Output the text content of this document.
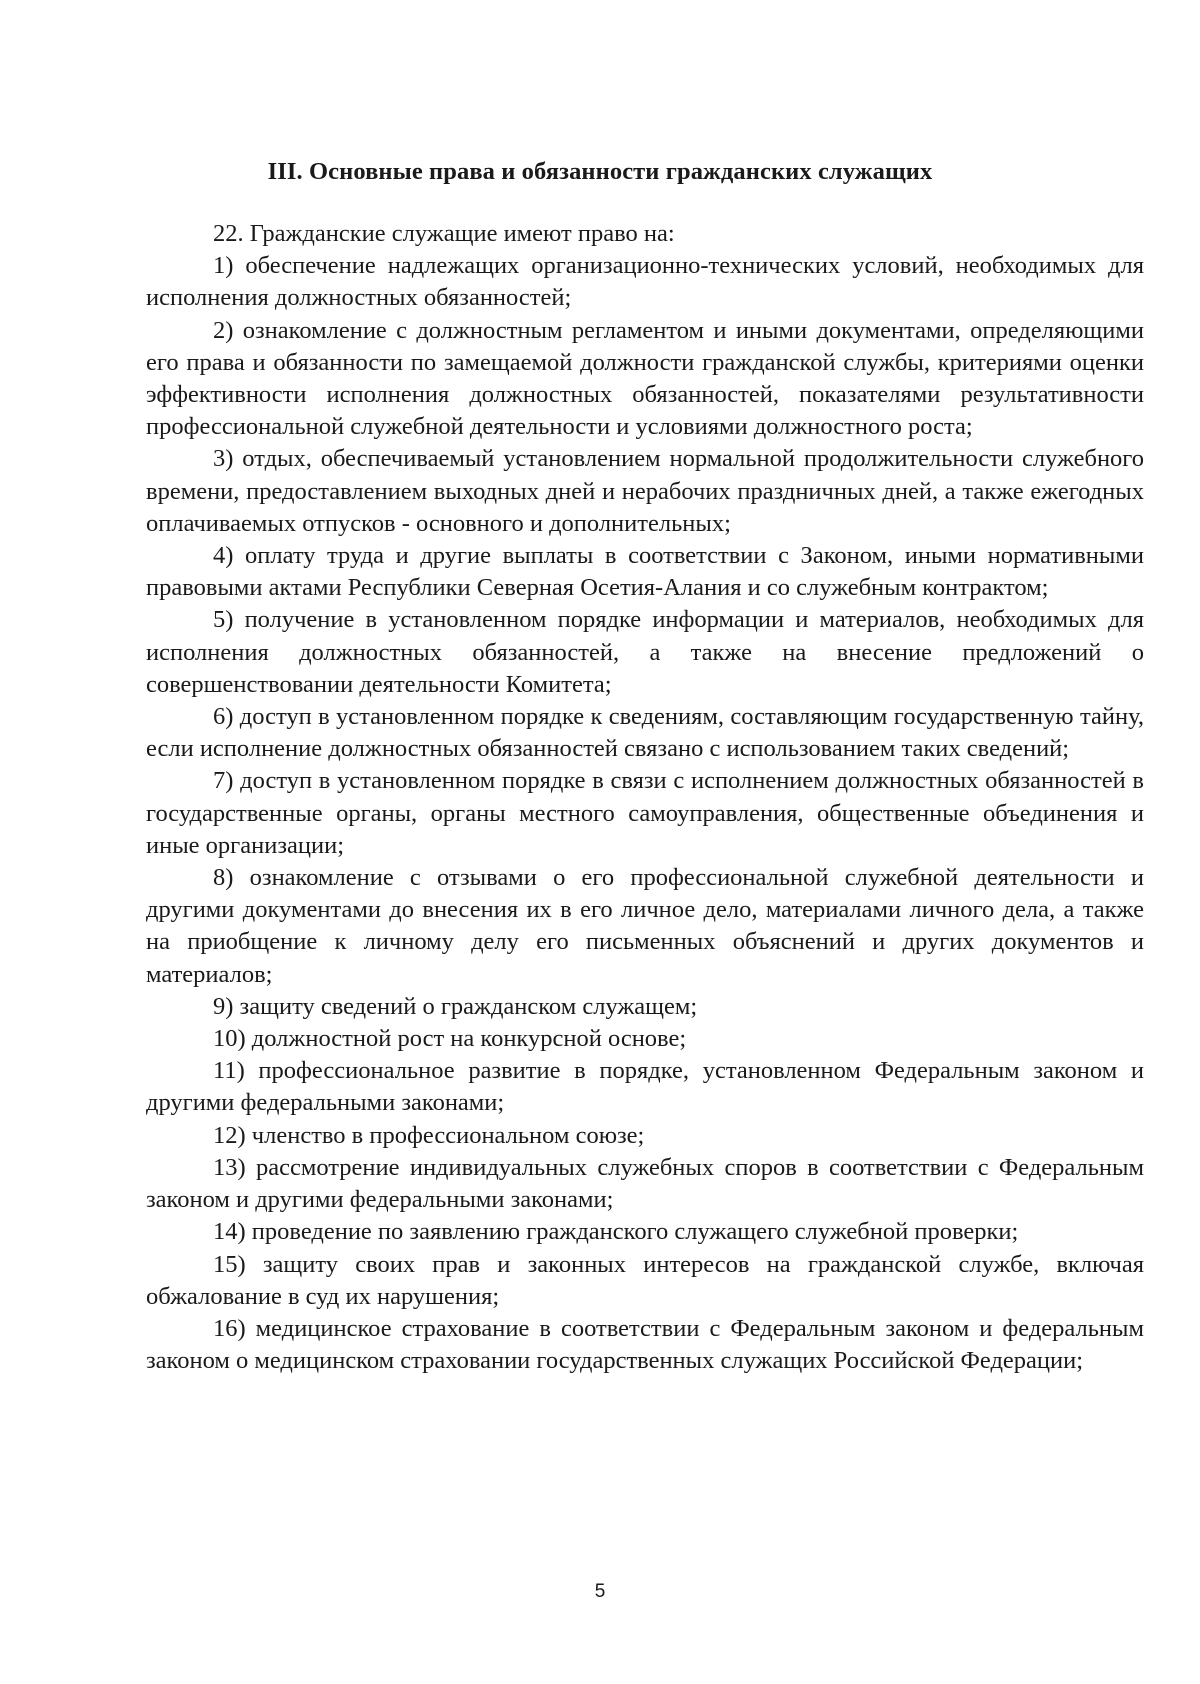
III. Основные права и обязанности гражданских служащих

22. Гражданские служащие имеют право на:

1) обеспечение надлежащих организационно-технических условий, необходимых для исполнения должностных обязанностей;

2) ознакомление с должностным регламентом и иными документами, определяющими его права и обязанности по замещаемой должности гражданской службы, критериями оценки эффективности исполнения должностных обязанностей, показателями результативности профессиональной служебной деятельности и условиями должностного роста;

3) отдых, обеспечиваемый установлением нормальной продолжительности служебного времени, предоставлением выходных дней и нерабочих праздничных дней, а также ежегодных оплачиваемых отпусков - основного и дополнительных;

4) оплату труда и другие выплаты в соответствии с Законом, иными нормативными правовыми актами Республики Северная Осетия-Алания и со служебным контрактом;

5) получение в установленном порядке информации и материалов, необходимых для исполнения должностных обязанностей, а также на внесение предложений о совершенствовании деятельности Комитета;

6) доступ в установленном порядке к сведениям, составляющим государственную тайну, если исполнение должностных обязанностей связано с использованием таких сведений;

7) доступ в установленном порядке в связи с исполнением должностных обязанностей в государственные органы, органы местного самоуправления, общественные объединения и иные организации;

8) ознакомление с отзывами о его профессиональной служебной деятельности и другими документами до внесения их в его личное дело, материалами личного дела, а также на приобщение к личному делу его письменных объяснений и других документов и материалов;

9) защиту сведений о гражданском служащем;

10) должностной рост на конкурсной основе;

11) профессиональное развитие в порядке, установленном Федеральным законом и другими федеральными законами;

12) членство в профессиональном союзе;

13) рассмотрение индивидуальных служебных споров в соответствии с Федеральным законом и другими федеральными законами;

14) проведение по заявлению гражданского служащего служебной проверки;

15) защиту своих прав и законных интересов на гражданской службе, включая обжалование в суд их нарушения;

16) медицинское страхование в соответствии с Федеральным законом и федеральным законом о медицинском страховании государственных служащих Российской Федерации;

5
